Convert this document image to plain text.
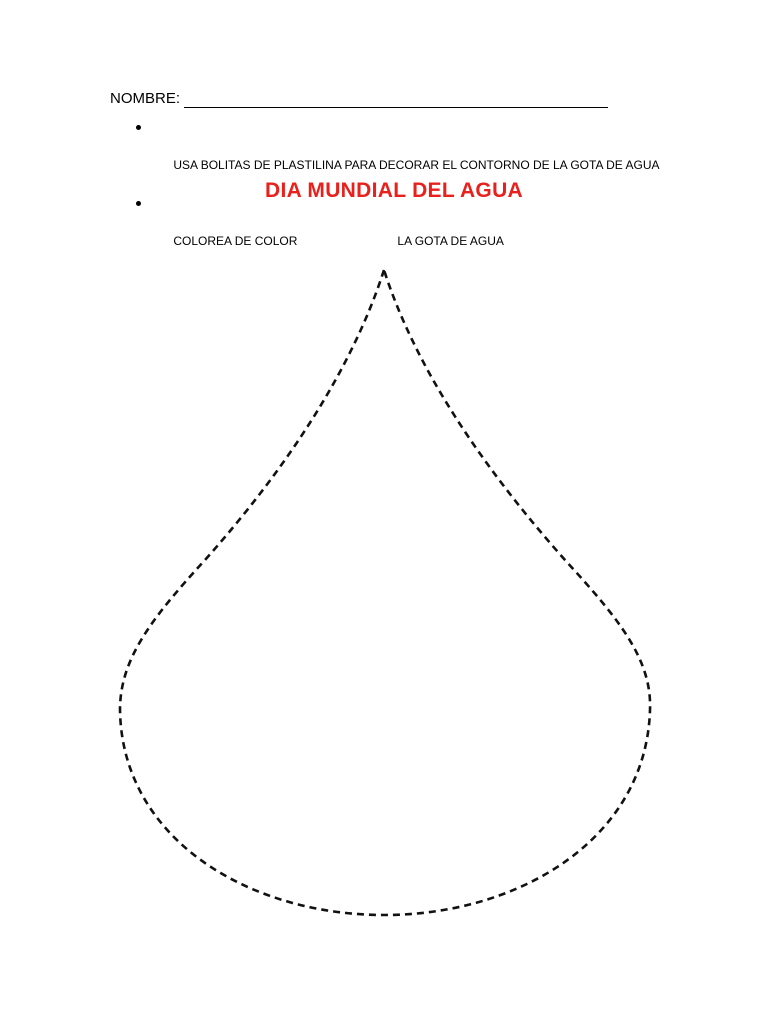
NOMBRE:

USA BOLITAS DE PLASTILINA PARA DECORAR EL CONTORNO DE LA GOTA DE AGUA

COLOREA DE COLOR                              LA GOTA DE AGUA

DIA MUNDIAL DEL AGUA
